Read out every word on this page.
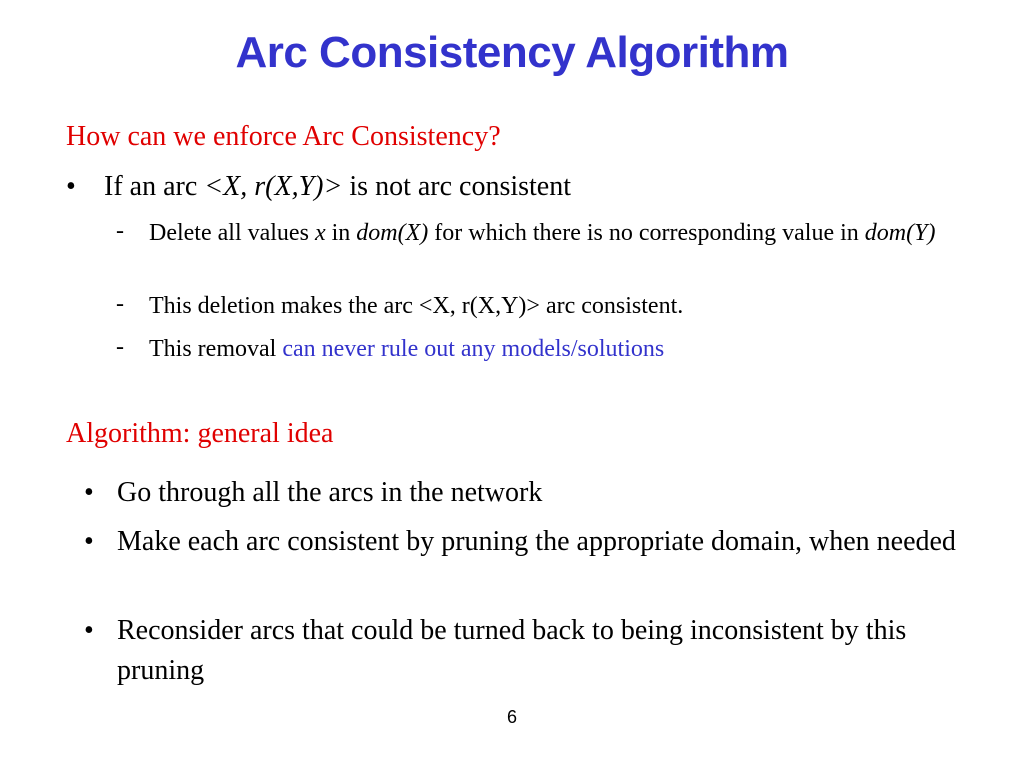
Arc Consistency Algorithm
How can we enforce Arc Consistency?
• If an arc <X, r(X,Y)> is not arc consistent
- Delete all values x in dom(X) for which there is no corresponding value in dom(Y)
- This deletion makes the arc <X, r(X,Y)> arc consistent.
- This removal can never rule out any models/solutions
Algorithm: general idea
• Go through all the arcs in the network
• Make each arc consistent by pruning the appropriate domain, when needed
• Reconsider arcs that could be turned back to being inconsistent by this pruning
6
